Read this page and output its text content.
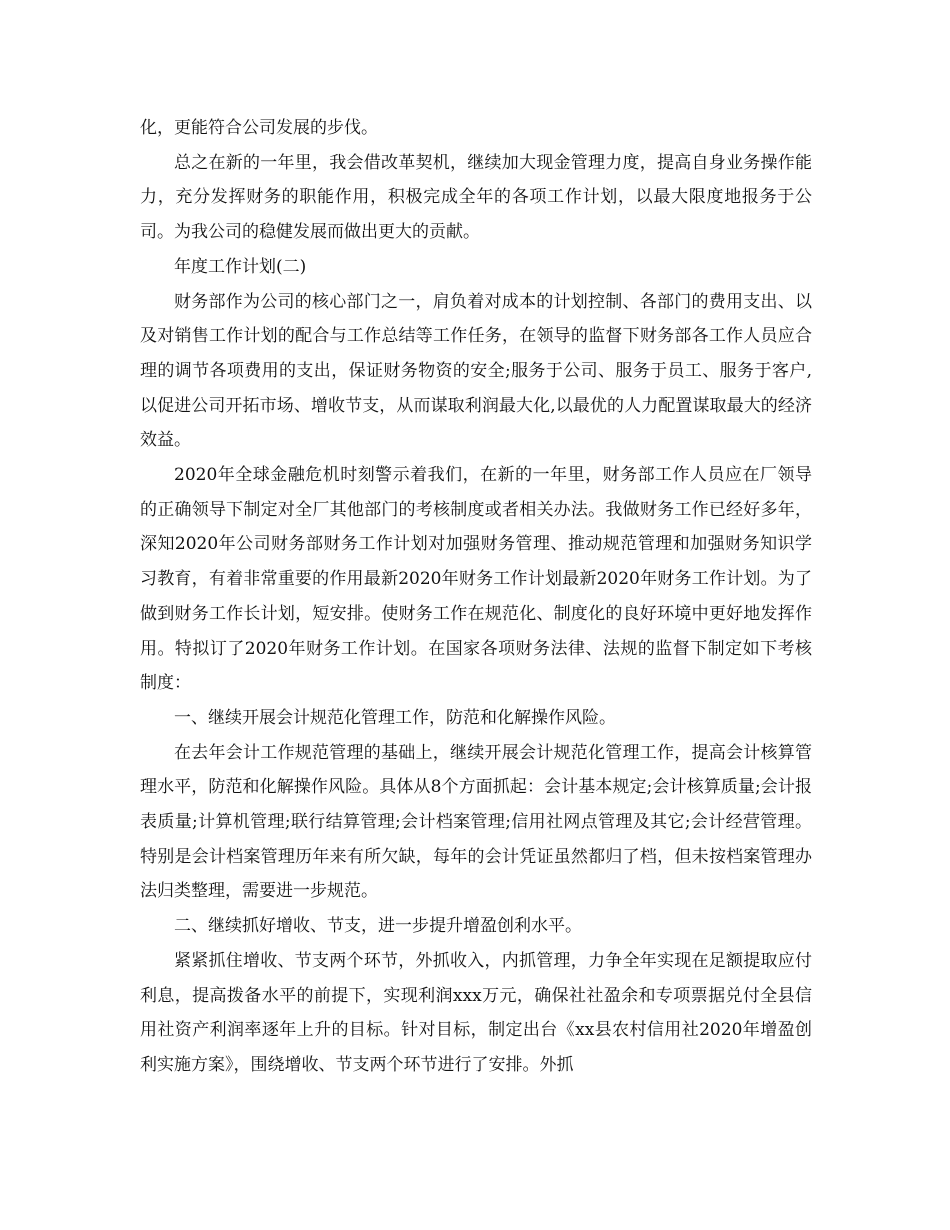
化，更能符合公司发展的步伐。

总之在新的一年里，我会借改革契机，继续加大现金管理力度，提高自身业务操作能力，充分发挥财务的职能作用，积极完成全年的各项工作计划，以最大限度地报务于公司。为我公司的稳健发展而做出更大的贡献。

年度工作计划(二)

财务部作为公司的核心部门之一，肩负着对成本的计划控制、各部门的费用支出、以及对销售工作计划的配合与工作总结等工作任务，在领导的监督下财务部各工作人员应合理的调节各项费用的支出，保证财务物资的安全;服务于公司、服务于员工、服务于客户,以促进公司开拓市场、增收节支，从而谋取利润最大化,以最优的人力配置谋取最大的经济效益。

2020年全球金融危机时刻警示着我们，在新的一年里，财务部工作人员应在厂领导的正确领导下制定对全厂其他部门的考核制度或者相关办法。我做财务工作已经好多年，深知2020年公司财务部财务工作计划对加强财务管理、推动规范管理和加强财务知识学习教育，有着非常重要的作用最新2020年财务工作计划最新2020年财务工作计划。为了做到财务工作长计划，短安排。使财务工作在规范化、制度化的良好环境中更好地发挥作用。特拟订了2020年财务工作计划。在国家各项财务法律、法规的监督下制定如下考核制度：

一、继续开展会计规范化管理工作，防范和化解操作风险。

在去年会计工作规范管理的基础上，继续开展会计规范化管理工作，提高会计核算管理水平，防范和化解操作风险。具体从8个方面抓起：会计基本规定;会计核算质量;会计报表质量;计算机管理;联行结算管理;会计档案管理;信用社网点管理及其它;会计经营管理。特别是会计档案管理历年来有所欠缺，每年的会计凭证虽然都归了档，但未按档案管理办法归类整理，需要进一步规范。

二、继续抓好增收、节支，进一步提升增盈创利水平。

紧紧抓住增收、节支两个环节，外抓收入，内抓管理，力争全年实现在足额提取应付利息，提高拨备水平的前提下，实现利润xxx万元，确保社社盈余和专项票据兑付全县信用社资产利润率逐年上升的目标。针对目标，制定出台《xx县农村信用社2020年增盈创利实施方案》，围绕增收、节支两个环节进行了安排。外抓
